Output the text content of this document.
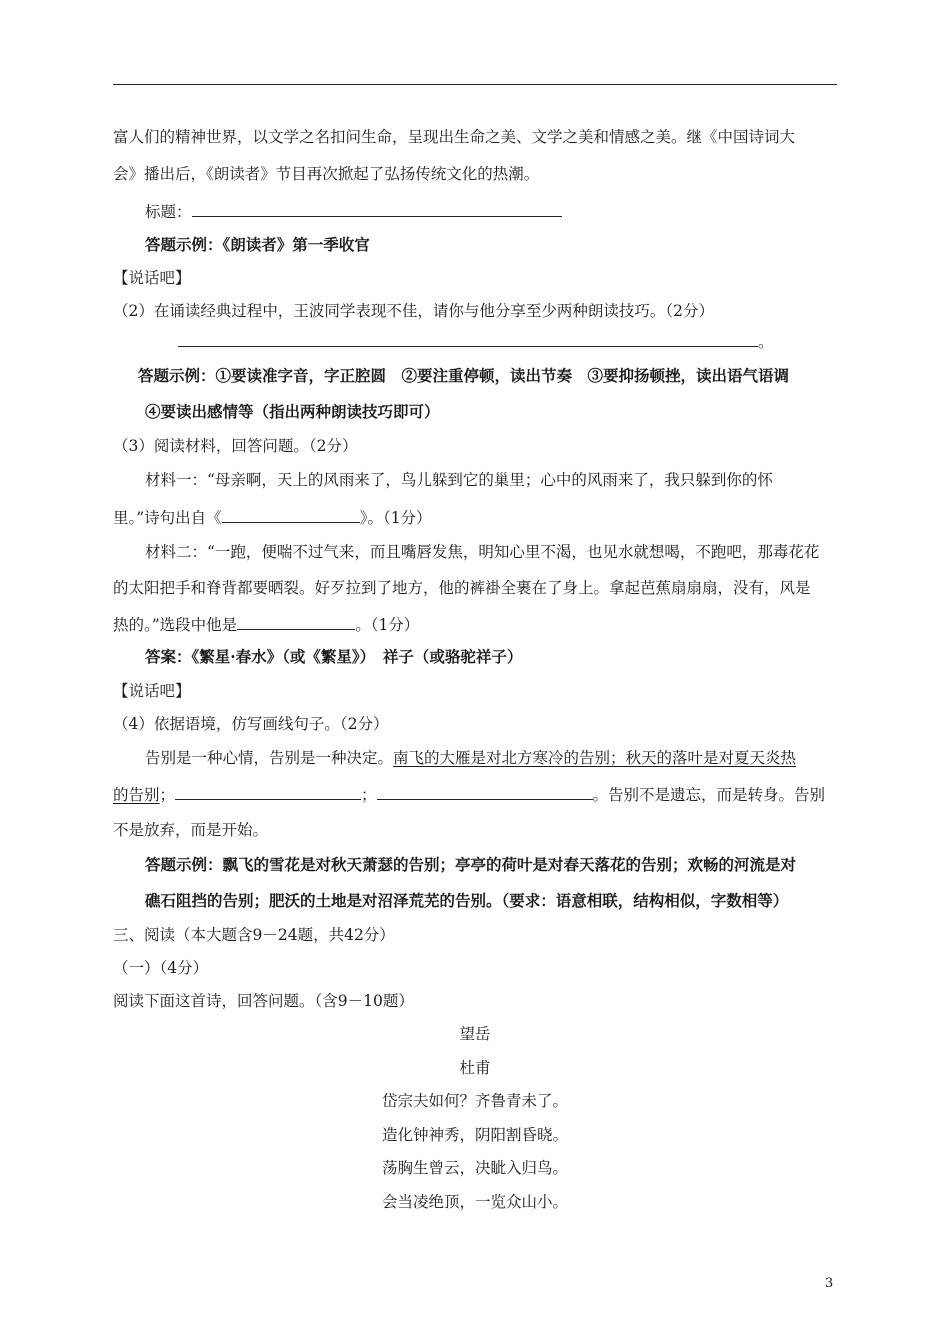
富人们的精神世界，以文学之名扣问生命，呈现出生命之美、文学之美和情感之美。继《中国诗词大
会》播出后，《朗读者》节目再次掀起了弘扬传统文化的热潮。
标题：
答题示例：《朗读者》第一季收官
【说话吧】
（2）在诵读经典过程中，王波同学表现不佳，请你与他分享至少两种朗读技巧。（2分）
。
答题示例：①要读准字音，字正腔圆　②要注重停顿，读出节奏　③要抑扬顿挫，读出语气语调
④要读出感情等（指出两种朗读技巧即可）
（3）阅读材料，回答问题。（2分）
材料一：“母亲啊，天上的风雨来了，鸟儿躲到它的巢里；心中的风雨来了，我只躲到你的怀
里。”诗句出自《	》。（1分）
材料二：“一跑，便喘不过气来，而且嘴唇发焦，明知心里不渴，也见水就想喝，不跑吧，那毒花花
的太阳把手和脊背都要晒裂。好歹拉到了地方，他的裤褂全裹在了身上。拿起芭蕉扇扇扇，没有，风是
热的。”选段中他是	。（1分）
答案：《繁星·春水》（或《繁星》）　祥子（或骆驼祥子）
【说话吧】
（4）依据语境，仿写画线句子。（2分）
告别是一种心情，告别是一种决定。南飞的大雁是对北方寒冷的告别；秋天的落叶是对夏天炎热
的告别；	；	。告别不是遗忘，而是转身。告别
不是放弃，而是开始。
答题示例：飘飞的雪花是对秋天萧瑟的告别；亭亭的荷叶是对春天落花的告别；欢畅的河流是对
礁石阻挡的告别；肥沃的土地是对沼泽荒芜的告别。（要求：语意相联，结构相似，字数相等）
三、阅读（本大题含9－24题，共42分）
（一）（4分）
阅读下面这首诗，回答问题。（含9－10题）
望岳
杜甫
岱宗夫如何？齐鲁青未了。
造化钟神秀，阴阳割昏晓。
荡胸生曾云，决眦入归鸟。
会当凌绝顶，一览众山小。
3
